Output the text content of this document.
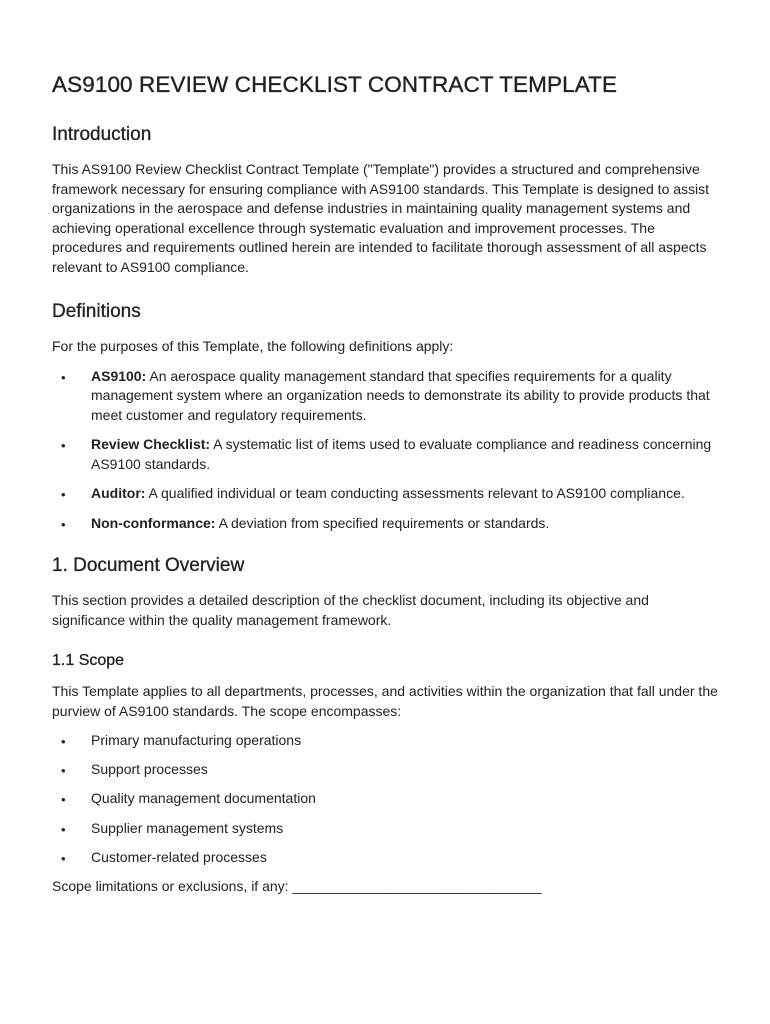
AS9100 REVIEW CHECKLIST CONTRACT TEMPLATE
Introduction

This AS9100 Review Checklist Contract Template ("Template") provides a structured and comprehensive framework necessary for ensuring compliance with AS9100 standards. This Template is designed to assist organizations in the aerospace and defense industries in maintaining quality management systems and achieving operational excellence through systematic evaluation and improvement processes. The procedures and requirements outlined herein are intended to facilitate thorough assessment of all aspects relevant to AS9100 compliance.

Definitions

For the purposes of this Template, the following definitions apply:

• AS9100: An aerospace quality management standard that specifies requirements for a quality management system where an organization needs to demonstrate its ability to provide products that meet customer and regulatory requirements.
• Review Checklist: A systematic list of items used to evaluate compliance and readiness concerning AS9100 standards.
• Auditor: A qualified individual or team conducting assessments relevant to AS9100 compliance.
• Non-conformance: A deviation from specified requirements or standards.
1. Document Overview

This section provides a detailed description of the checklist document, including its objective and significance within the quality management framework.

1.1 Scope

This Template applies to all departments, processes, and activities within the organization that fall under the purview of AS9100 standards. The scope encompasses:

• Primary manufacturing operations
• Support processes
• Quality management documentation
• Supplier management systems
• Customer-related processes

Scope limitations or exclusions, if any: ________________________________
